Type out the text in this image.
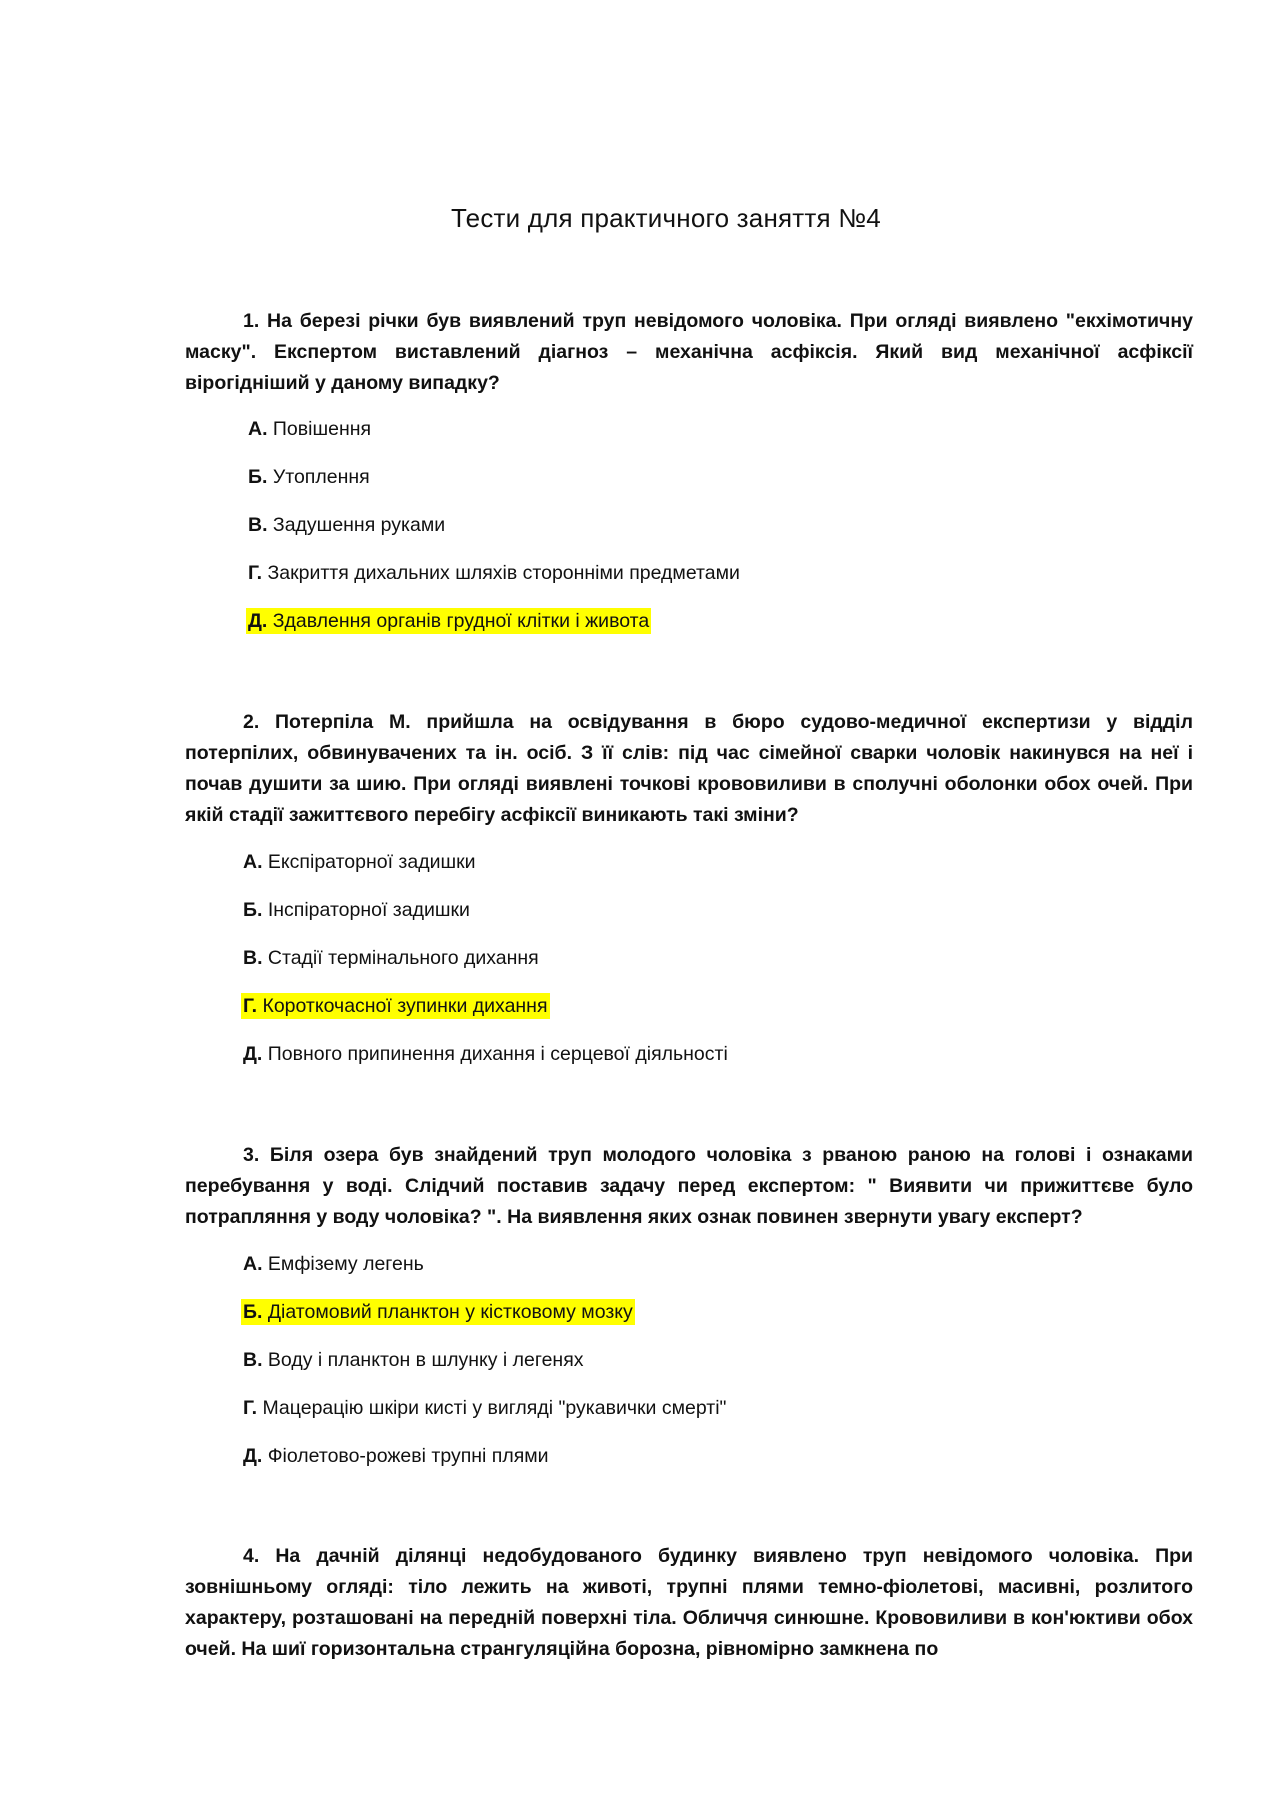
Тести для практичного заняття №4

1. На березі річки був виявлений труп невідомого чоловіка. При огляді виявлено "екхімотичну маску". Експертом виставлений діагноз – механічна асфіксія. Який вид механічної асфіксії вірогідніший у даному випадку?

А. Повішення
Б. Утоплення
В. Задушення руками
Г. Закриття дихальних шляхів сторонніми предметами
Д. Здавлення органів грудної клітки і живота

2. Потерпіла М. прийшла на освідування в бюро судово-медичної експертизи у відділ потерпілих, обвинувачених та ін. осіб. З її слів: під час сімейної сварки чоловік накинувся на неї і почав душити за шию. При огляді виявлені точкові крововиливи в сполучні оболонки обох очей. При якій стадії зажиттєвого перебігу асфіксії виникають такі зміни?

А. Експіраторної задишки
Б. Інспіраторної задишки
В. Стадії термінального дихання
Г. Короткочасної зупинки дихання
Д. Повного припинення дихання і серцевої діяльності

3. Біля озера був знайдений труп молодого чоловіка з рваною раною на голові і ознаками перебування у воді. Слідчий поставив задачу перед експертом: " Виявити чи прижиттєве було потрапляння у воду чоловіка? ". На виявлення яких ознак повинен звернути увагу експерт?

А. Емфізему легень
Б. Діатомовий планктон у кістковому мозку
В. Воду і планктон в шлунку і легенях
Г. Мацерацію шкіри кисті у вигляді "рукавички смерті"
Д. Фіолетово-рожеві трупні плями

4. На дачній ділянці недобудованого будинку виявлено труп невідомого чоловіка. При зовнішньому огляді: тіло лежить на животі, трупні плями темно-фіолетові, масивні, розлитого характеру, розташовані на передній поверхні тіла. Обличчя синюшне. Крововиливи в кон'юктиви обох очей. На шиї горизонтальна странгуляційна борозна, рівномірно замкнена по
